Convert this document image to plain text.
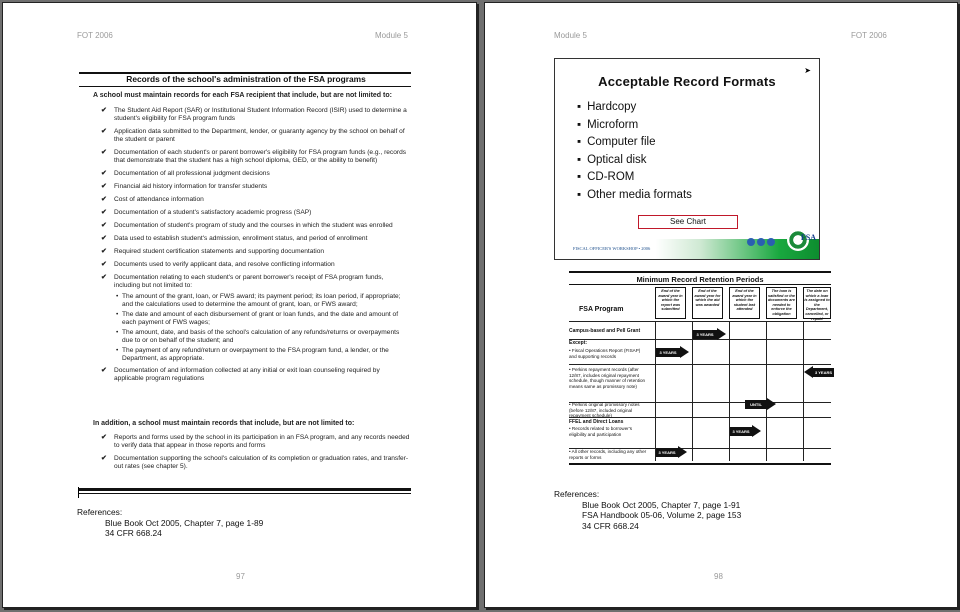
FOT 2006	Module 5
Records of the school's administration of the FSA programs
A school must maintain records for each FSA recipient that include, but are not limited to:
✔ The Student Aid Report (SAR) or Institutional Student Information Record (ISIR) used to determine a student's eligibility for FSA program funds
✔ Application data submitted to the Department, lender, or guaranty agency by the school on behalf of the student or parent
✔ Documentation of each student's or parent borrower's eligibility for FSA program funds (e.g., records that demonstrate that the student has a high school diploma, GED, or the ability to benefit)
✔ Documentation of all professional judgment decisions
✔ Financial aid history information for transfer students
✔ Cost of attendance information
✔ Documentation of a student's satisfactory academic progress (SAP)
✔ Documentation of student's program of study and the courses in which the student was enrolled
✔ Data used to establish student's admission, enrollment status, and period of enrollment
✔ Required student certification statements and supporting documentation
✔ Documents used to verify applicant data, and resolve conflicting information
✔ Documentation relating to each student's or parent borrower's receipt of FSA program funds, including but not limited to:
• The amount of the grant, loan, or FWS award; its payment period; its loan period, if appropriate; and the calculations used to determine the amount of grant, loan, or FWS award;
• The date and amount of each disbursement of grant or loan funds, and the date and amount of each payment of FWS wages;
• The amount, date, and basis of the school's calculation of any refunds/returns or overpayments due to or on behalf of the student; and
• The payment of any refund/return or overpayment to the FSA program fund, a lender, or the Department, as appropriate.
✔ Documentation of and information collected at any initial or exit loan counseling required by applicable program regulations
In addition, a school must maintain records that include, but are not limited to:
✔ Reports and forms used by the school in its participation in an FSA program, and any records needed to verify data that appear in those reports and forms
✔ Documentation supporting the school's calculation of its completion or graduation rates, and transfer-out rates (see chapter 5).
References:
Blue Book Oct 2005, Chapter 7, page 1-89
34 CFR 668.24
97
Module 5	FOT 2006
➤
Acceptable Record Formats
▪ Hardcopy
▪ Microform
▪ Computer file
▪ Optical disk
▪ CD-ROM
▪ Other media formats
See Chart
FISCAL OFFICER'S WORKSHOP • 2006
FSA
Minimum Record Retention Periods
FSA Program
End of the award year in which the report was submitted
End of the award year for which the aid was awarded
End of the award year in which the student last attended
The loan is satisfied or the documents are needed to enforce the obligation
The date on which a loan is assigned to the Department, cancelled, or repaid
Campus-based and Pell Grant
Except:
• Fiscal Operations Report (FISAP) and supporting records
• Perkins repayment records (after 12/87, includes original repayment schedule, though manner of retention means same as promissory note)
• Perkins original promissory notes (before 12/87, included original repayment schedule)
FFEL and Direct Loans
• Records related to borrower's eligibility and participation
• All other records, including any other reports or forms
3 YEARS
3 YEARS
3 YEARS
UNTIL
3 YEARS
3 YEARS
References:
Blue Book Oct 2005, Chapter 7, page 1-91
FSA Handbook 05-06, Volume 2, page 153
34 CFR 668.24
98
